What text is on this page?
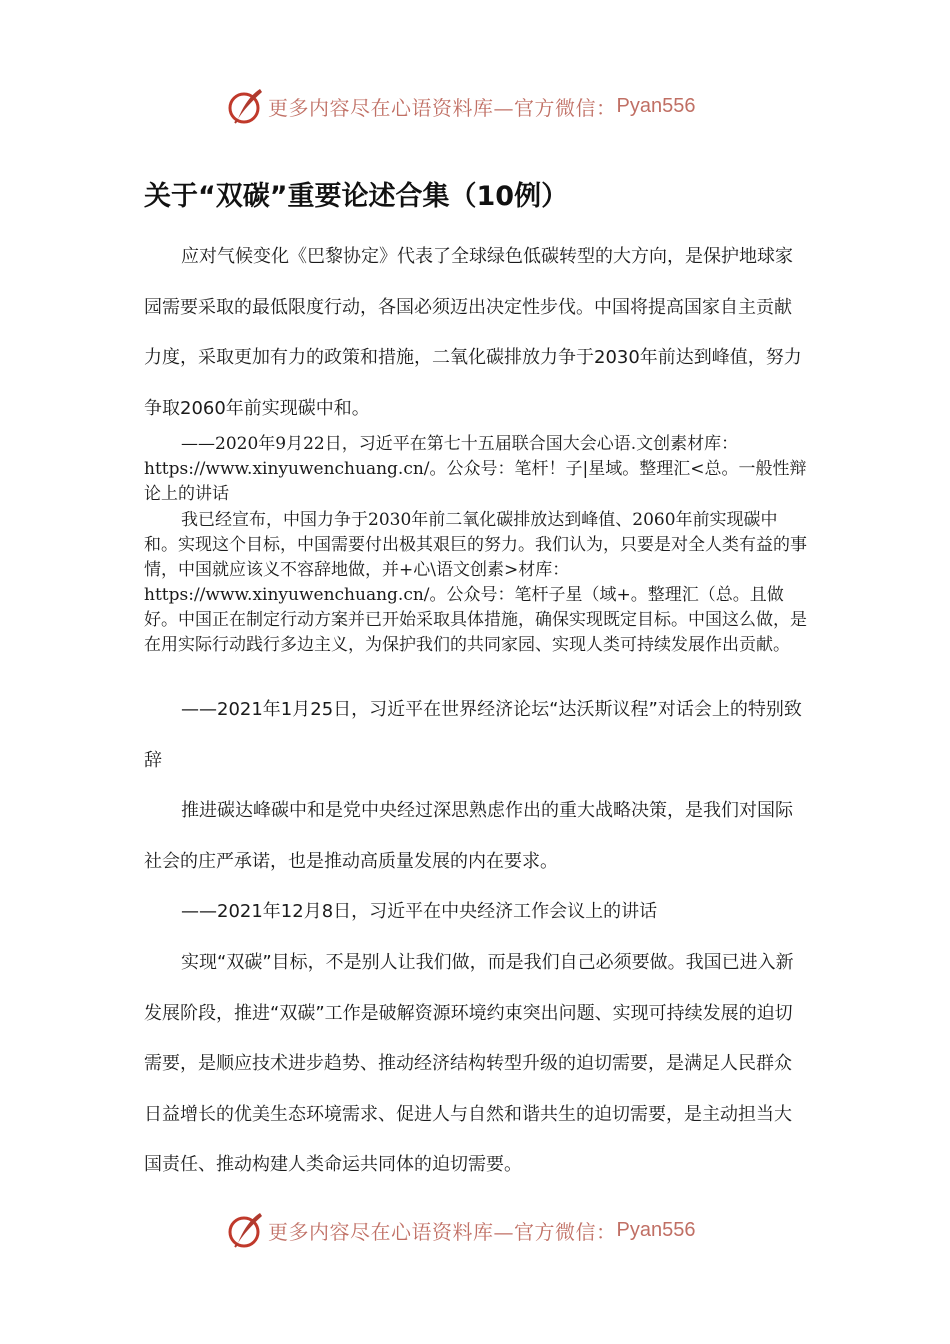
更多内容尽在心语资料库—官方微信： Pyan556
关于“双碳”重要论述合集（10例）

应对气候变化《巴黎协定》代表了全球绿色低碳转型的大方向，是保护地球家园需要采取的最低限度行动，各国必须迈出决定性步伐。中国将提高国家自主贡献力度，采取更加有力的政策和措施，二氧化碳排放力争于2030年前达到峰值，努力争取2060年前实现碳中和。

——2020年9月22日，习近平在第七十五届联合国大会心语.文创素材库：https://www.xinyuwenchuang.cn/。公众号：笔杆！子|星域。整理汇<总。一般性辩论上的讲话

我已经宣布，中国力争于2030年前二氧化碳排放达到峰值、2060年前实现碳中和。实现这个目标，中国需要付出极其艰巨的努力。我们认为，只要是对全人类有益的事情，中国就应该义不容辞地做，并+心\语文创素>材库：https://www.xinyuwenchuang.cn/。公众号：笔杆子星（域+。整理汇（总。且做好。中国正在制定行动方案并已开始采取具体措施，确保实现既定目标。中国这么做，是在用实际行动践行多边主义，为保护我们的共同家园、实现人类可持续发展作出贡献。

——2021年1月25日，习近平在世界经济论坛“达沃斯议程”对话会上的特别致辞

推进碳达峰碳中和是党中央经过深思熟虑作出的重大战略决策，是我们对国际社会的庄严承诺，也是推动高质量发展的内在要求。

——2021年12月8日，习近平在中央经济工作会议上的讲话

实现“双碳”目标，不是别人让我们做，而是我们自己必须要做。我国已进入新发展阶段，推进“双碳”工作是破解资源环境约束突出问题、实现可持续发展的迫切需要，是顺应技术进步趋势、推动经济结构转型升级的迫切需要，是满足人民群众日益增长的优美生态环境需求、促进人与自然和谐共生的迫切需要，是主动担当大国责任、推动构建人类命运共同体的迫切需要。

更多内容尽在心语资料库—官方微信： Pyan556
